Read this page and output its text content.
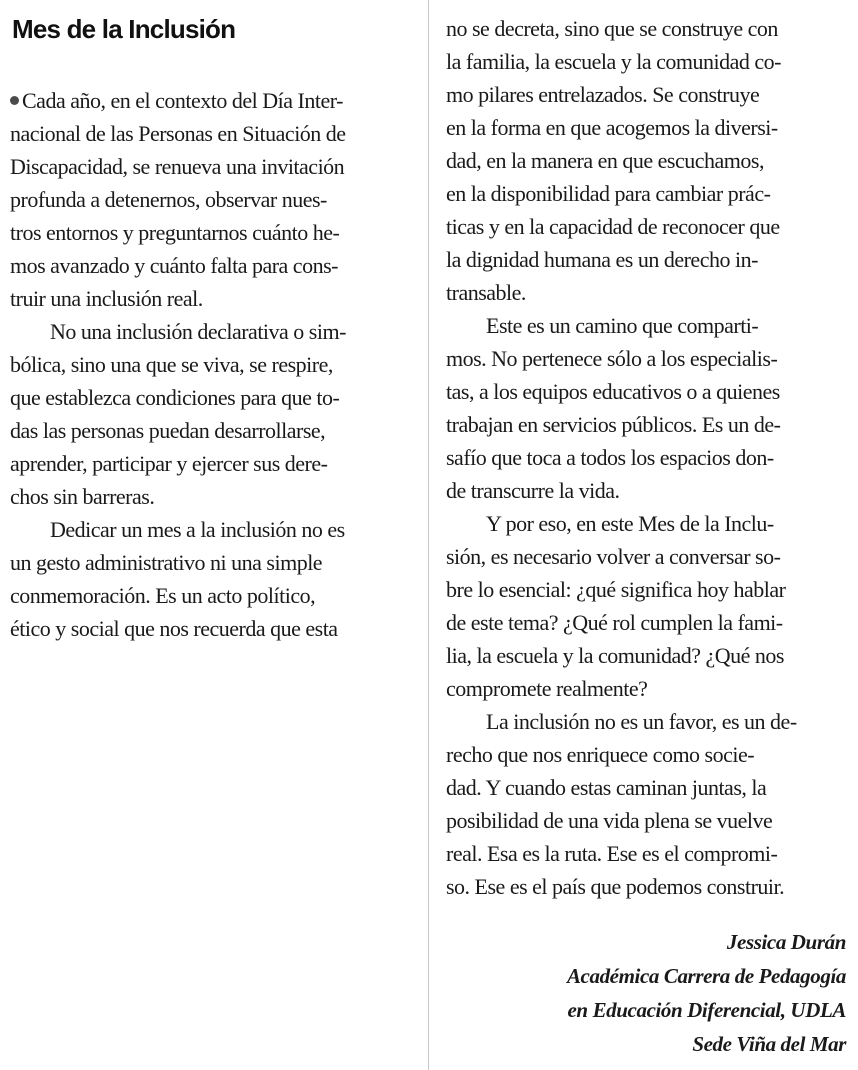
Mes de la Inclusión
Cada año, en el contexto del Día Inter-
nacional de las Personas en Situación de
Discapacidad, se renueva una invitación
profunda a detenernos, observar nues-
tros entornos y preguntarnos cuánto he-
mos avanzado y cuánto falta para cons-
truir una inclusión real.
No una inclusión declarativa o sim-
bólica, sino una que se viva, se respire,
que establezca condiciones para que to-
das las personas puedan desarrollarse,
aprender, participar y ejercer sus dere-
chos sin barreras.
Dedicar un mes a la inclusión no es
un gesto administrativo ni una simple
conmemoración. Es un acto político,
ético y social que nos recuerda que esta
no se decreta, sino que se construye con
la familia, la escuela y la comunidad co-
mo pilares entrelazados. Se construye
en la forma en que acogemos la diversi-
dad, en la manera en que escuchamos,
en la disponibilidad para cambiar prác-
ticas y en la capacidad de reconocer que
la dignidad humana es un derecho in-
transable.
Este es un camino que comparti-
mos. No pertenece sólo a los especialis-
tas, a los equipos educativos o a quienes
trabajan en servicios públicos. Es un de-
safío que toca a todos los espacios don-
de transcurre la vida.
Y por eso, en este Mes de la Inclu-
sión, es necesario volver a conversar so-
bre lo esencial: ¿qué significa hoy hablar
de este tema? ¿Qué rol cumplen la fami-
lia, la escuela y la comunidad? ¿Qué nos
compromete realmente?
La inclusión no es un favor, es un de-
recho que nos enriquece como socie-
dad. Y cuando estas caminan juntas, la
posibilidad de una vida plena se vuelve
real. Esa es la ruta. Ese es el compromi-
so. Ese es el país que podemos construir.
Jessica Durán
Académica Carrera de Pedagogía
en Educación Diferencial, UDLA
Sede Viña del Mar
